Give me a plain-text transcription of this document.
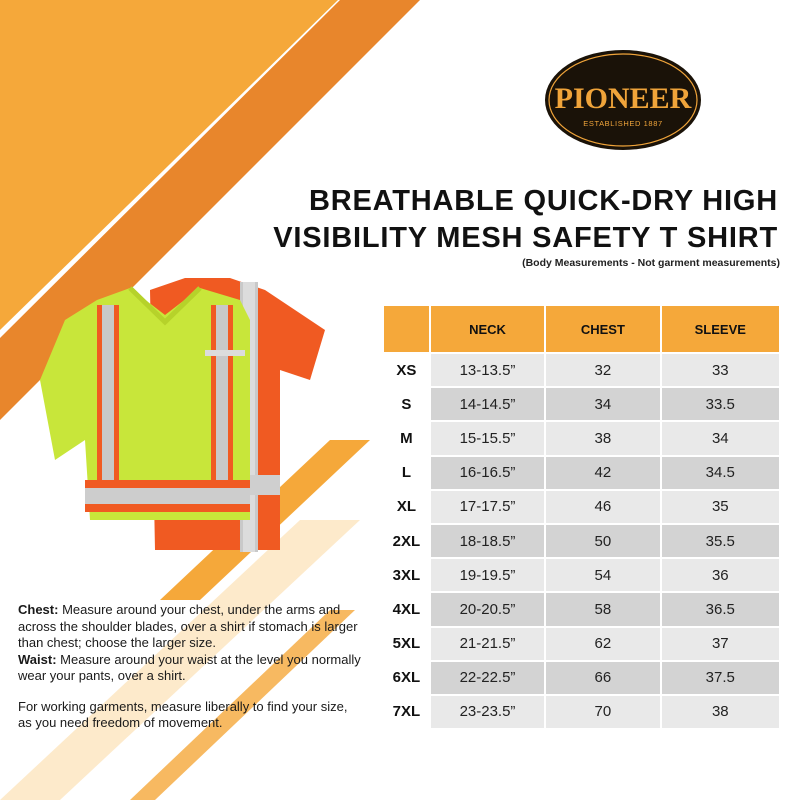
PIONEER
ESTABLISHED 1887
BREATHABLE QUICK-DRY HIGH
VISIBILITY MESH SAFETY T SHIRT
(Body Measurements - Not garment measurements)
	NECK	CHEST	SLEEVE
XS	13-13.5”	32	33
S	14-14.5”	34	33.5
M	15-15.5”	38	34
L	16-16.5”	42	34.5
XL	17-17.5”	46	35
2XL	18-18.5”	50	35.5
3XL	19-19.5”	54	36
4XL	20-20.5”	58	36.5
5XL	21-21.5”	62	37
6XL	22-22.5”	66	37.5
7XL	23-23.5”	70	38
Chest: Measure around your chest, under the arms and across the shoulder blades, over a shirt if stomach is larger than chest; choose the larger size.
Waist: Measure around your waist at the level you normally wear your pants, over a shirt.
For working garments, measure liberally to find your size, as you need freedom of movement.
